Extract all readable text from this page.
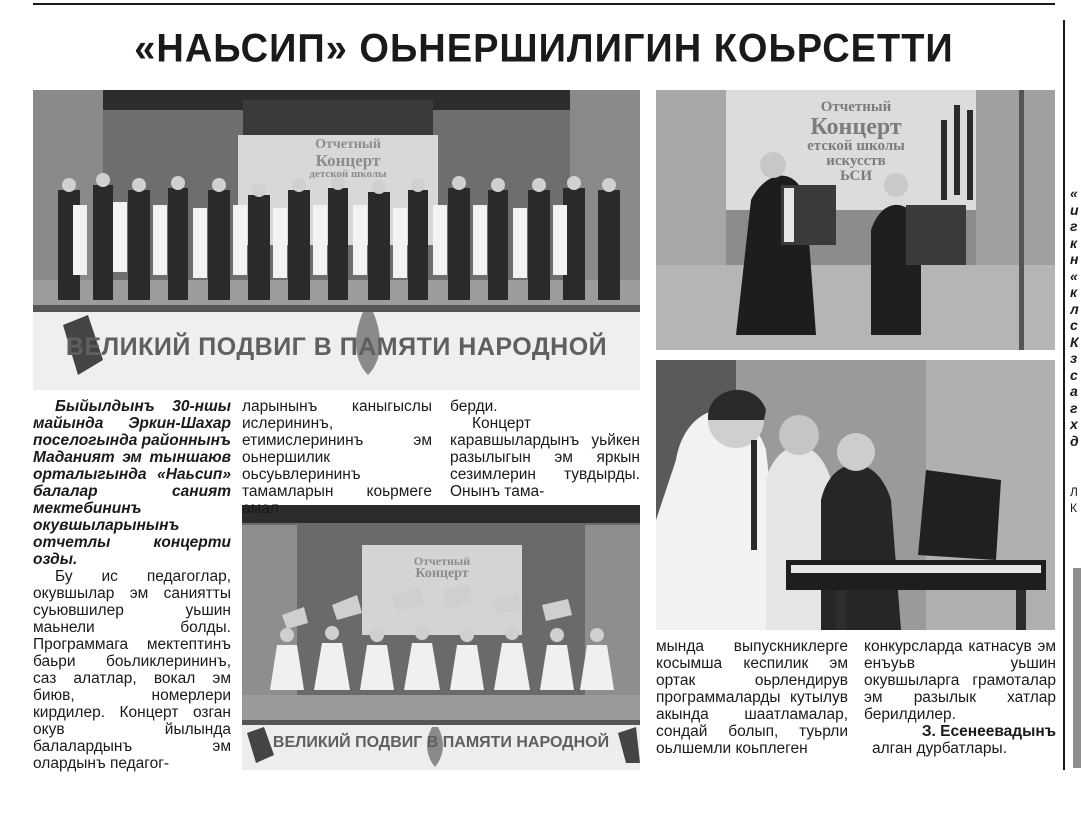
«НАЬСИП» ОЬНЕРШИЛИГИН КОЬРСЕТТИ
Отчетный
Концерт
детской школы
ВЕЛИКИЙ ПОДВИГ В ПАМЯТИ НАРОДНОЙ
Отчетный
Концерт
етской школы
искусств
ЬСИ
Отчетный
Концерт
ВЕЛИКИЙ ПОДВИГ В ПАМЯТИ НАРОДНОЙ

Быйылдынъ 30-ншы майында Эркин-Шахар поселогында районнынъ Маданият эм тыншаюв орталыгында «Наьсип» балалар саният мектебининъ окувшыларынынъ отчетлы концерти озды.

Бу ис педагоглар, окувшылар эм саниятты суьювшилер уьшин маьнели болды. Программага мектептинъ баьри боьликлерининъ, саз алатлар, вокал эм биюв, номерлери кирдилер. Концерт озган окув йылында балалардынъ эм олардынъ педагог-

ларынынъ каныгыслы ислерининъ, етимислерининъ эм оьнершилик оьсуьвлерининъ тамамларын коьрмеге амал

берди.

Концерт каравшылардынъ уьйкен разылыгын эм яркын сезимлерин тувдырды. Онынъ тама-

мында выпускниклерге косымша кеспилик эм ортак оьрлендирув программаларды кутылув акында шаатламалар, сондай болып, туьрли оьлшемли коьплеген

конкурсларда катнасув эм енъуьв уьшин окувшыларга грамоталар эм разылык хатлар берилдилер.

З. Есенеевадынъ

алган дурбатлары.

«
и
г
к
н
«
к
л
с
К
з
с
а
г
х
д
Л
К
